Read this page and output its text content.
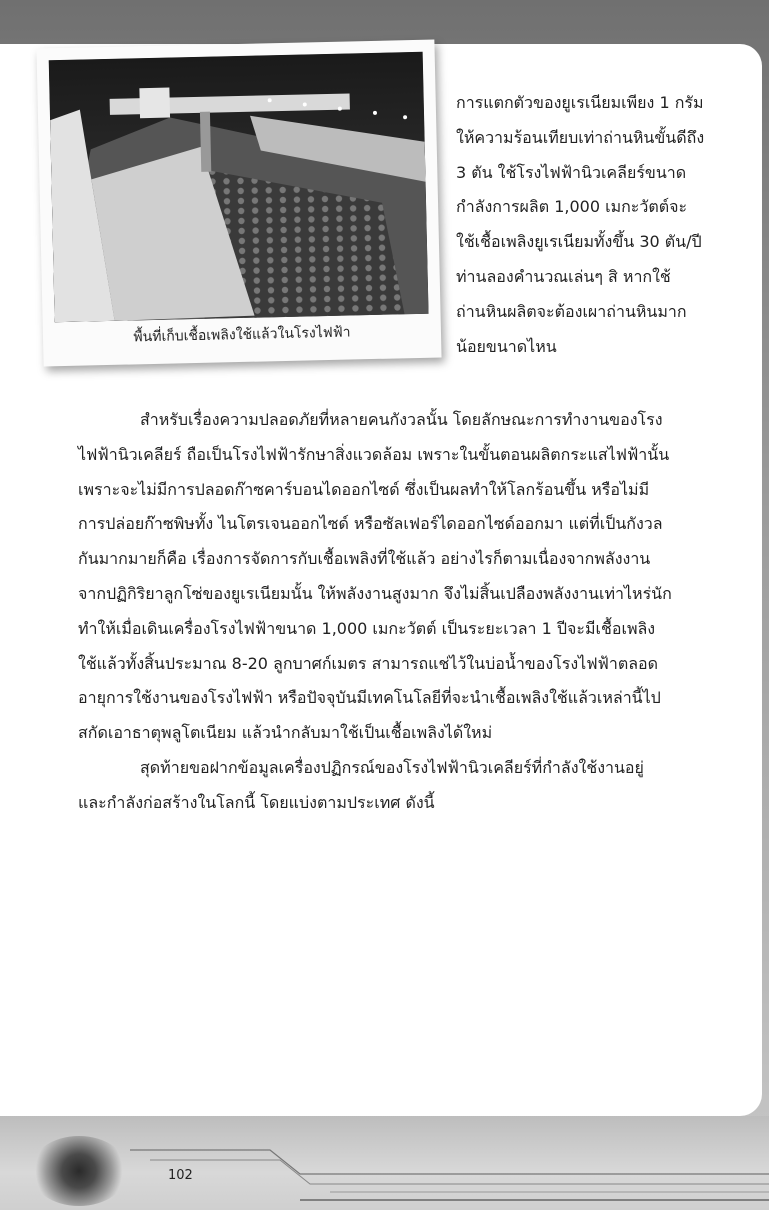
พื้นที่เก็บเชื้อเพลิงใช้แล้วในโรงไฟฟ้า
การแตกตัวของยูเรเนียมเพียง 1 กรัม
ให้ความร้อนเทียบเท่าถ่านหินขั้นดีถึง
3 ตัน ใช้โรงไฟฟ้านิวเคลียร์ขนาด
กำลังการผลิต 1,000 เมกะวัตต์จะ
ใช้เชื้อเพลิงยูเรเนียมทั้งขึ้น 30 ตัน/ปี
ท่านลองคำนวณเล่นๆ สิ หากใช้
ถ่านหินผลิตจะต้องเผาถ่านหินมาก
น้อยขนาดไหน
สำหรับเรื่องความปลอดภัยที่หลายคนกังวลนั้น โดยลักษณะการทำงานของโรง
ไฟฟ้านิวเคลียร์ ถือเป็นโรงไฟฟ้ารักษาสิ่งแวดล้อม เพราะในขั้นตอนผลิตกระแสไฟฟ้านั้น
เพราะจะไม่มีการปลอดก๊าซคาร์บอนไดออกไซด์ ซึ่งเป็นผลทำให้โลกร้อนขึ้น หรือไม่มี
การปล่อยก๊าซพิษทั้ง ไนโตรเจนออกไซด์ หรือซัลเฟอร์ไดออกไซด์ออกมา แต่ที่เป็นกังวล
กันมากมายก็คือ เรื่องการจัดการกับเชื้อเพลิงที่ใช้แล้ว อย่างไรก็ตามเนื่องจากพลังงาน
จากปฏิกิริยาลูกโซ่ของยูเรเนียมนั้น ให้พลังงานสูงมาก จึงไม่สิ้นเปลืองพลังงานเท่าไหร่นัก
ทำให้เมื่อเดินเครื่องโรงไฟฟ้าขนาด 1,000 เมกะวัตต์ เป็นระยะเวลา 1 ปีจะมีเชื้อเพลิง
ใช้แล้วทั้งสิ้นประมาณ 8-20 ลูกบาศก์เมตร สามารถแช่ไว้ในบ่อน้ำของโรงไฟฟ้าตลอด
อายุการใช้งานของโรงไฟฟ้า หรือปัจจุบันมีเทคโนโลยีที่จะนำเชื้อเพลิงใช้แล้วเหล่านี้ไป
สกัดเอาธาตุพลูโตเนียม แล้วนำกลับมาใช้เป็นเชื้อเพลิงได้ใหม่
สุดท้ายขอฝากข้อมูลเครื่องปฏิกรณ์ของโรงไฟฟ้านิวเคลียร์ที่กำลังใช้งานอยู่
และกำลังก่อสร้างในโลกนี้ โดยแบ่งตามประเทศ ดังนี้
102
